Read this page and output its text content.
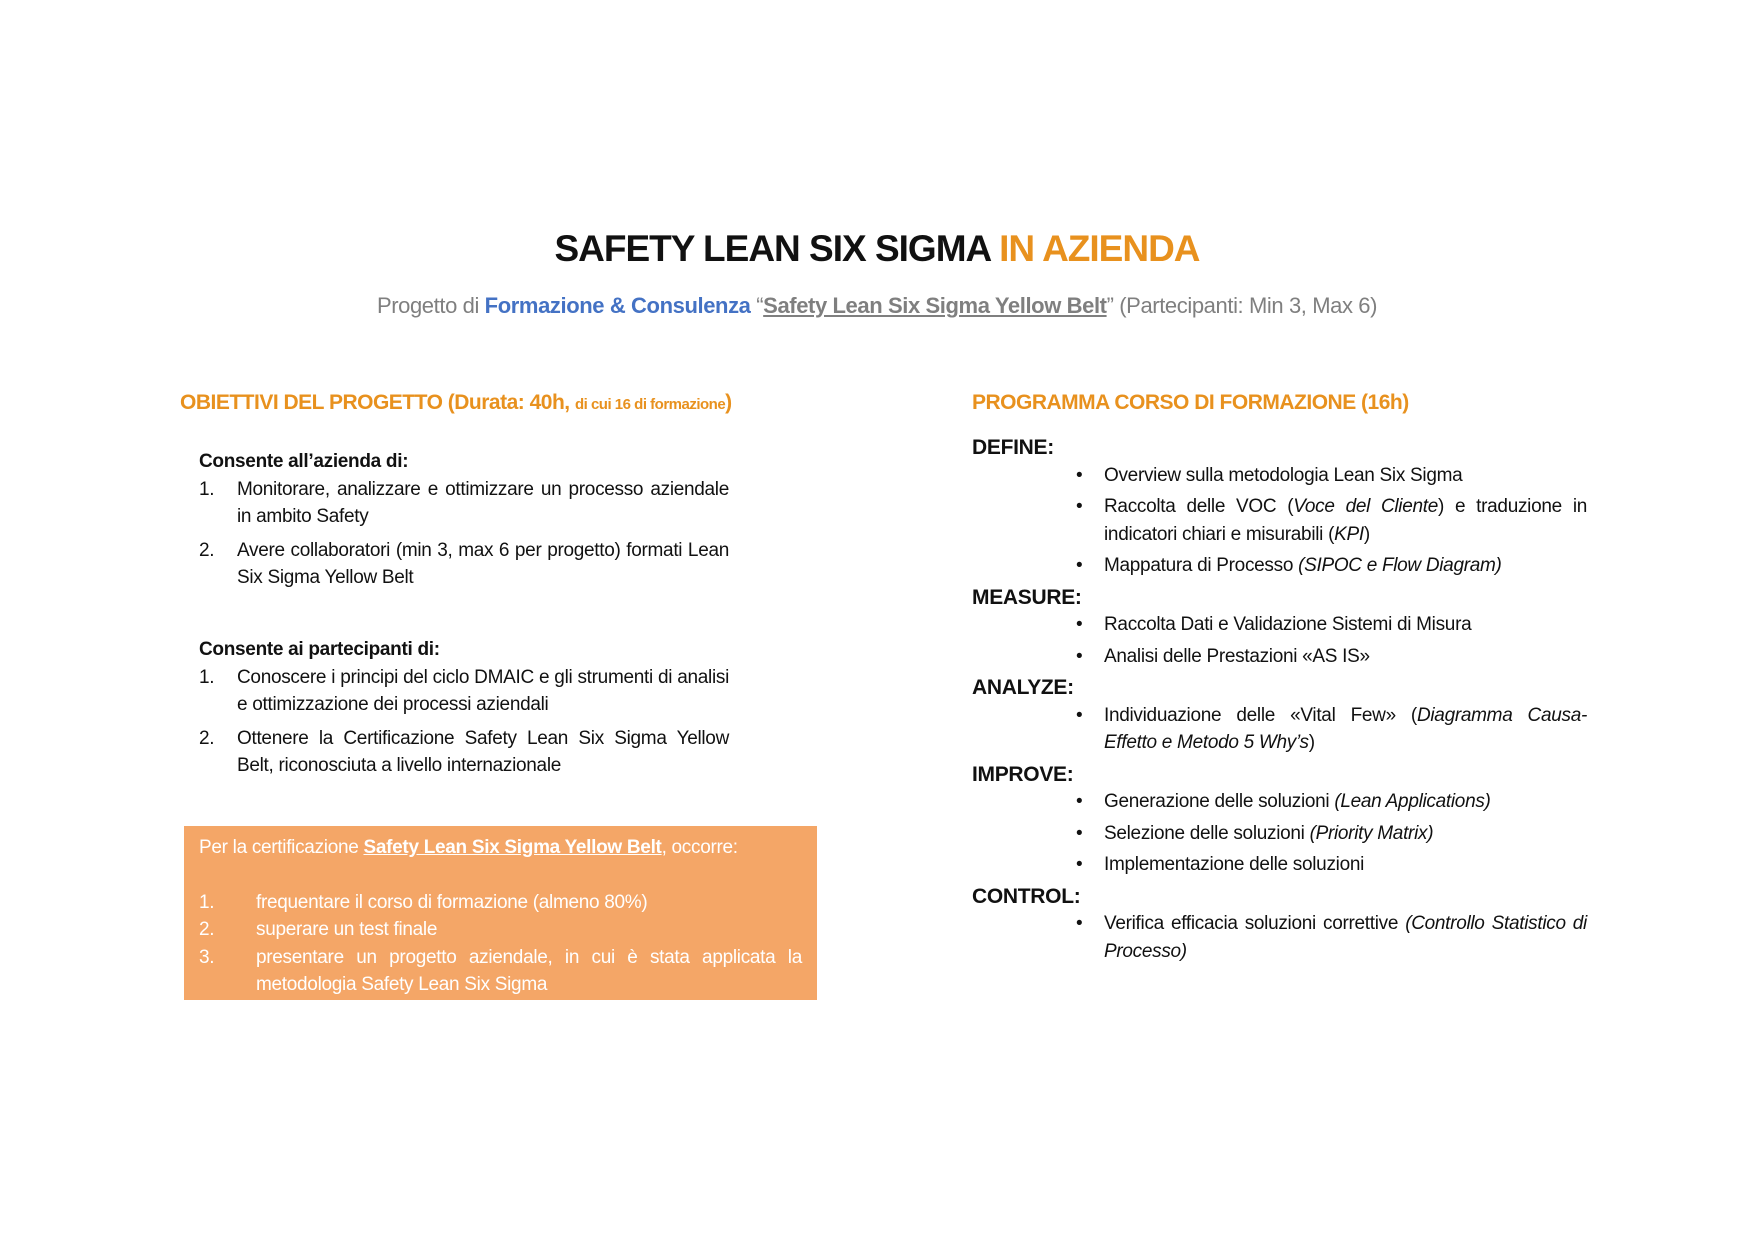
SAFETY LEAN SIX SIGMA IN AZIENDA
Progetto di Formazione & Consulenza “Safety Lean Six Sigma Yellow Belt” (Partecipanti: Min 3, Max 6)
OBIETTIVI DEL PROGETTO (Durata: 40h, di cui 16 di formazione)
Consente all’azienda di:
1. Monitorare, analizzare e ottimizzare un processo aziendale in ambito Safety
2. Avere collaboratori (min 3, max 6 per progetto) formati Lean Six Sigma Yellow Belt
Consente ai partecipanti di:
1. Conoscere i principi del ciclo DMAIC e gli strumenti di analisi e ottimizzazione dei processi aziendali
2. Ottenere la Certificazione Safety Lean Six Sigma Yellow Belt, riconosciuta a livello internazionale
Per la certificazione Safety Lean Six Sigma Yellow Belt, occorre:
1. frequentare il corso di formazione (almeno 80%)
2. superare un test finale
3. presentare un progetto aziendale, in cui è stata applicata la metodologia Safety Lean Six Sigma
PROGRAMMA CORSO DI FORMAZIONE (16h)
DEFINE:
• Overview sulla metodologia Lean Six Sigma
• Raccolta delle VOC (Voce del Cliente) e traduzione in indicatori chiari e misurabili (KPI)
• Mappatura di Processo (SIPOC e Flow Diagram)
MEASURE:
• Raccolta Dati e Validazione Sistemi di Misura
• Analisi delle Prestazioni «AS IS»
ANALYZE:
• Individuazione delle «Vital Few» (Diagramma Causa-Effetto e Metodo 5 Why’s)
IMPROVE:
• Generazione delle soluzioni (Lean Applications)
• Selezione delle soluzioni (Priority Matrix)
• Implementazione delle soluzioni
CONTROL:
• Verifica efficacia soluzioni correttive (Controllo Statistico di Processo)
